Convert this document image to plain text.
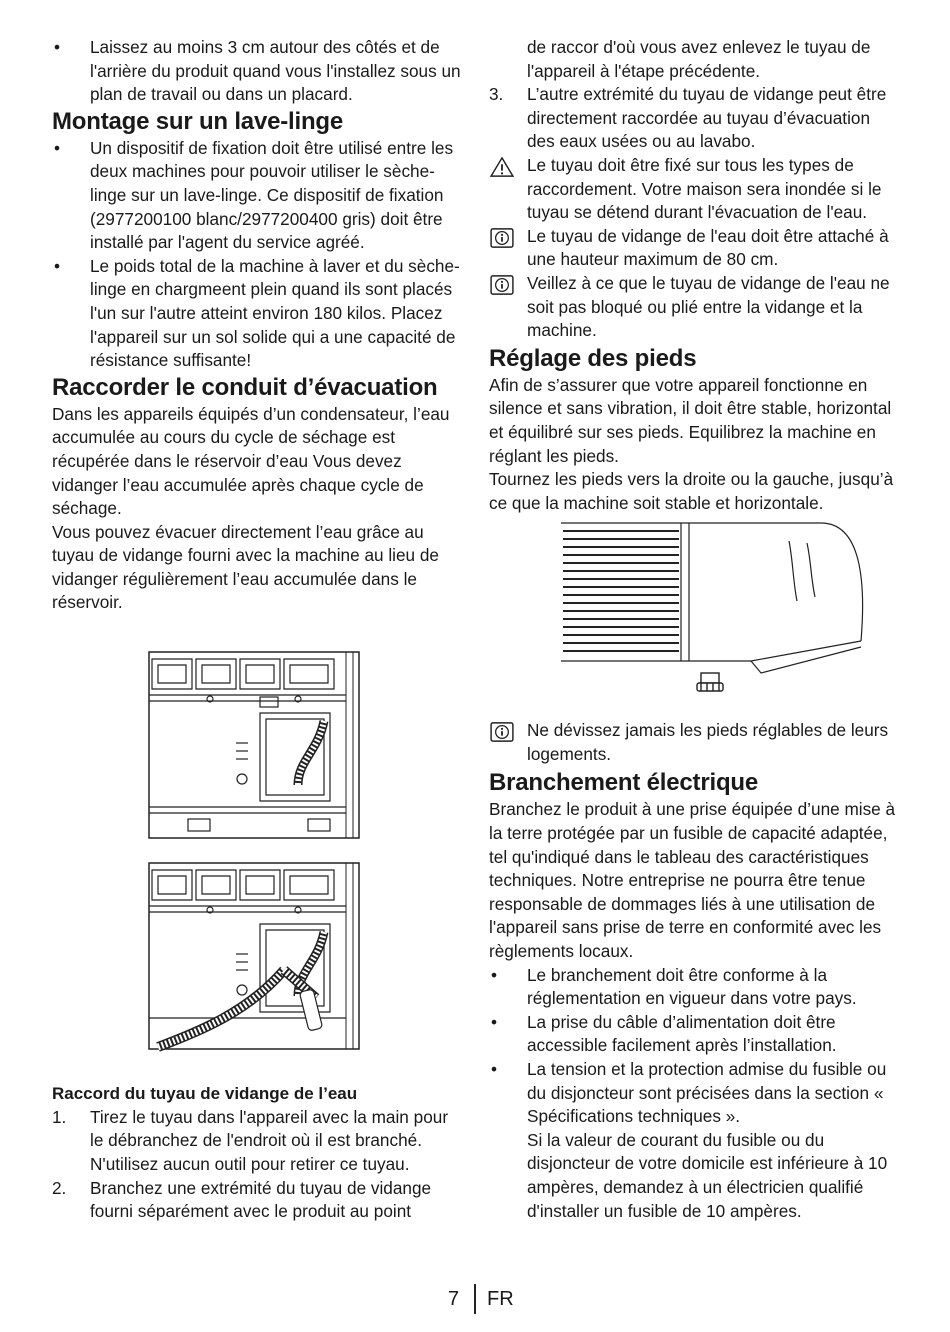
• Laissez au moins 3 cm autour des côtés et de l'arrière du produit quand vous l'installez sous un plan de travail ou dans un placard.
Montage sur un lave-linge
• Un dispositif de fixation doit être utilisé entre les deux machines pour pouvoir utiliser le sèche-linge sur un lave-linge. Ce dispositif de fixation (2977200100 blanc/2977200400 gris) doit être installé par l'agent du service agréé.
• Le poids total de la machine à laver et du sèche-linge en chargmeent plein quand ils sont placés l'un sur l'autre atteint environ 180 kilos. Placez l'appareil sur un sol solide qui a une capacité de résistance suffisante!
Raccorder le conduit d’évacuation

Dans les appareils équipés d’un condensateur, l’eau accumulée au cours du cycle de séchage est récupérée dans le réservoir d’eau Vous devez vidanger l’eau accumulée après chaque cycle de séchage.

Vous pouvez évacuer directement l’eau grâce au tuyau de vidange fourni avec la machine au lieu de vidanger régulièrement l’eau accumulée dans le réservoir.

Raccord du tuyau de vidange de l’eau
1. Tirez le tuyau dans l'appareil avec la main pour le débranchez de l'endroit où il est branché. N'utilisez aucun outil pour retirer ce tuyau.
2. Branchez une extrémité du tuyau de vidange fourni séparément avec le produit au point

de raccor d'où vous avez enlevez le tuyau de l'appareil à l'étape précédente.

3. L’autre extrémité du tuyau de vidange peut être directement raccordée au tuyau d’évacuation des eaux usées ou au lavabo.
Le tuyau doit être fixé sur tous les types de raccordement. Votre maison sera inondée si le tuyau se détend durant l'évacuation de l'eau.
Le tuyau de vidange de l'eau doit être attaché à une hauteur maximum de 80 cm.
Veillez à ce que le tuyau de vidange de l'eau ne soit pas bloqué ou plié entre la vidange et la machine.
Réglage des pieds

Afin de s’assurer que votre appareil fonctionne en silence et sans vibration, il doit être stable, horizontal et équilibré sur ses pieds. Equilibrez la machine en réglant les pieds.

Tournez les pieds vers la droite ou la gauche, jusqu’à ce que la machine soit stable et horizontale.

Ne dévissez jamais les pieds réglables de leurs logements.
Branchement électrique

Branchez le produit à une prise équipée d’une mise à la terre protégée par un fusible de capacité adaptée, tel qu'indiqué dans le tableau des caractéristiques techniques. Notre entreprise ne pourra être tenue responsable de dommages liés à une utilisation de l'appareil sans prise de terre en conformité avec les règlements locaux.

• Le branchement doit être conforme à la réglementation en vigueur dans votre pays.
• La prise du câble d’alimentation doit être accessible facilement après l’installation.
• La tension et la protection admise du fusible ou du disjoncteur sont précisées dans la section « Spécifications techniques ».
Si la valeur de courant du fusible ou du disjoncteur de votre domicile est inférieure à 10 ampères, demandez à un électricien qualifié d'installer un fusible de 10 ampères.
7 FR
